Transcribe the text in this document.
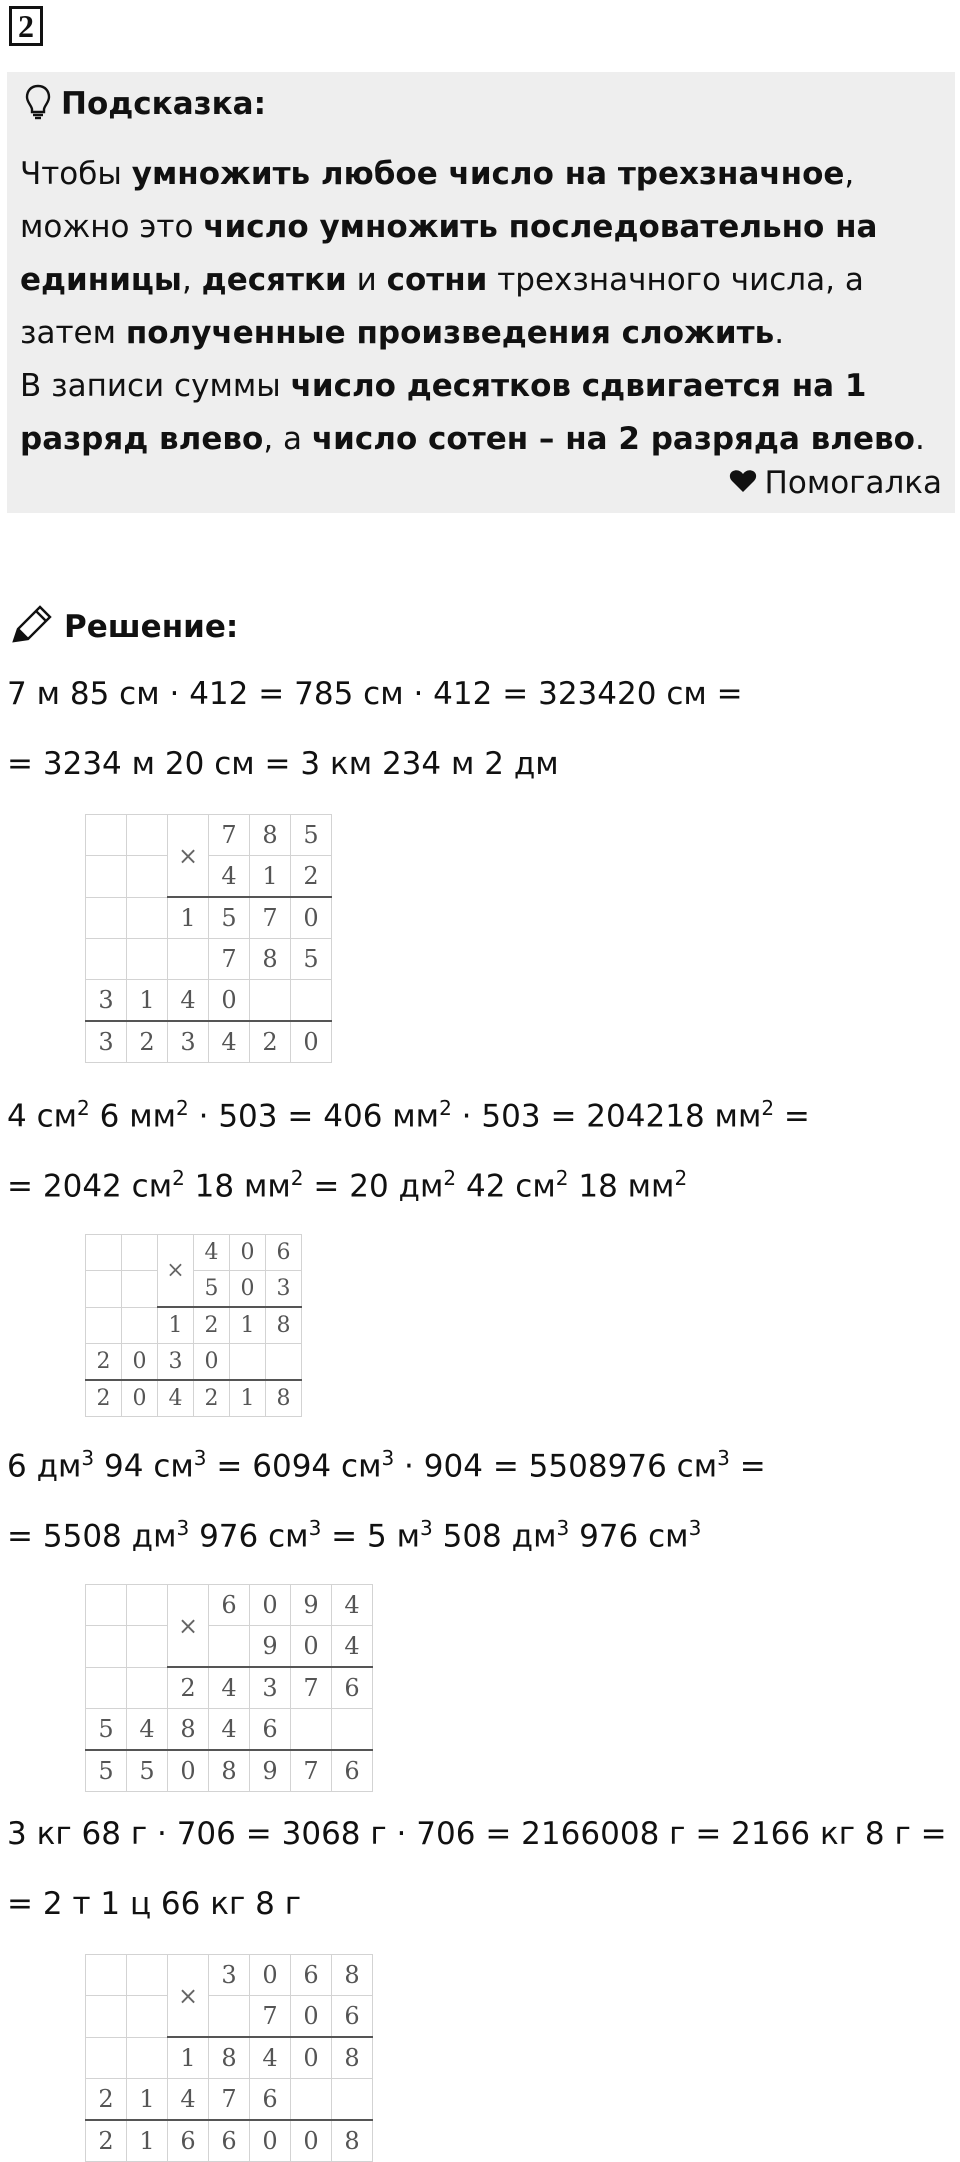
2
Подсказка:
Чтобы умножить любое число на трехзначное, можно это число умножить последовательно на единицы, десятки и сотни трехзначного числа, а затем полученные произведения сложить.
В записи суммы число десятков сдвигается на 1 разряд влево, а число сотен – на 2 разряда влево.
Помогалка
Решение:
7 м 85 см · 412 = 785 см · 412 = 323420 см =
= 3234 м 20 см = 3 км 234 м 2 дм
		×	7	8	5
			4	1	2
		1	5	7	0
			7	8	5
3	1	4	0		
3	2	3	4	2	0
4 $см^2$ 6 $мм^2 \cdot 503 = 406$ $мм^2 \cdot 503 = 204218$ $мм^2$ =
= 2042 $см^2$ 18 $мм^2 = 20$ $дм^2$ 42 $см^2$ 18 $мм^2$
		×	4	0	6
			5	0	3
		1	2	1	8
2	0	3	0		
2	0	4	2	1	8
6 $дм^3$ 94 $см^3 = 6094$ $см^3 \cdot 904 = 5508976$ $см^3$ =
= 5508 $дм^3$ 976 $см^3 = 5$ $м^3$ 508 $дм^3$ 976 $см^3$
		×	6	0	9	4
				9	0	4
		2	4	3	7	6
5	4	8	4	6		
5	5	0	8	9	7	6
3 кг 68 г · 706 = 3068 г · 706 = 2166008 г = 2166 кг 8 г =
= 2 т 1 ц 66 кг 8 г
		×	3	0	6	8
				7	0	6
		1	8	4	0	8
2	1	4	7	6		
2	1	6	6	0	0	8
